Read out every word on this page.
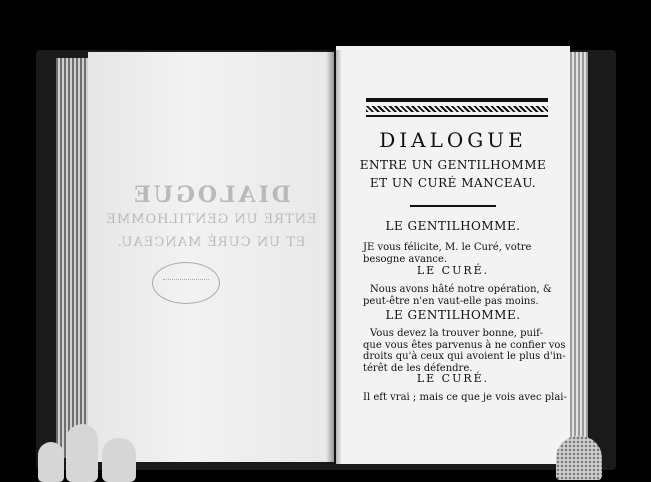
DIALOGUE
ENTRE UN GENTILHOMME
ET UN CURÉ MANCEAU.
DIALOGUE
ENTRE UN GENTILHOMME
ET UN CURÉ MANCEAU.
LE GENTILHOMME.
JE vous félicite, M. le Curé, votre
besogne avance.
LE CURÉ.
Nous avons hâté notre opération, &
peut-être n'en vaut-elle pas moins.
LE GENTILHOMME.
Vous devez la trouver bonne, puif-
que vous êtes parvenus à ne confier vos
droits qu'à ceux qui avoient le plus d'in-
térêt de les défendre.
LE CURÉ.
Il eft vrai ; mais ce que je vois avec plai-
